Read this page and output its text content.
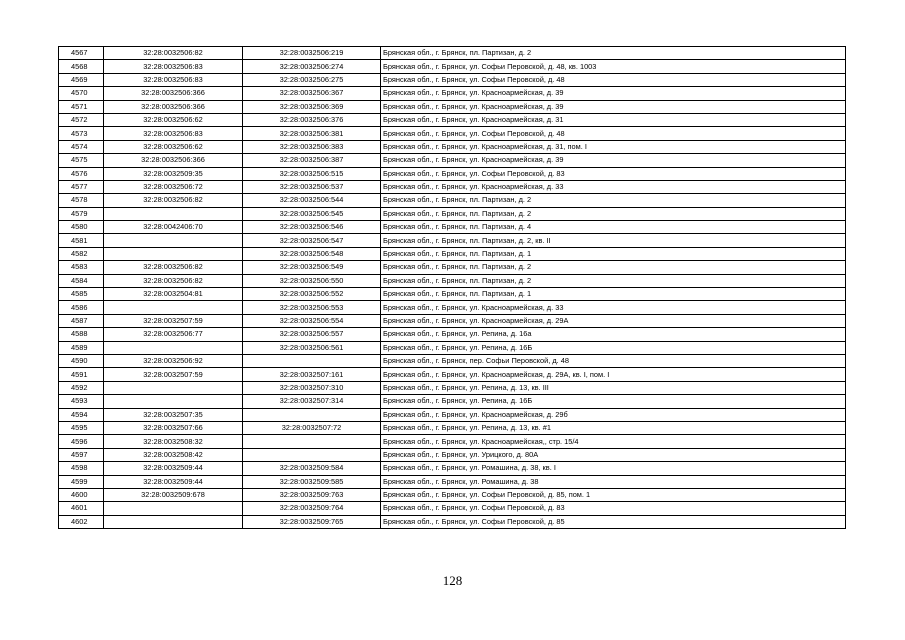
4567	32:28:0032506:82	32:28:0032506:219	Брянская обл., г. Брянск, пл. Партизан, д. 2
4568	32:28:0032506:83	32:28:0032506:274	Брянская обл., г. Брянск, ул. Софьи Перовской, д. 48, кв. 1003
4569	32:28:0032506:83	32:28:0032506:275	Брянская обл., г. Брянск, ул. Софьи Перовской, д. 48
4570	32:28:0032506:366	32:28:0032506:367	Брянская обл., г. Брянск, ул. Красноармейская, д. 39
4571	32:28:0032506:366	32:28:0032506:369	Брянская обл., г. Брянск, ул. Красноармейская, д. 39
4572	32:28:0032506:62	32:28:0032506:376	Брянская обл., г. Брянск, ул. Красноармейская, д. 31
4573	32:28:0032506:83	32:28:0032506:381	Брянская обл., г. Брянск, ул. Софьи Перовской, д. 48
4574	32:28:0032506:62	32:28:0032506:383	Брянская обл., г. Брянск, ул. Красноармейская, д. 31, пом. I
4575	32:28:0032506:366	32:28:0032506:387	Брянская обл., г. Брянск, ул. Красноармейская, д. 39
4576	32:28:0032509:35	32:28:0032506:515	Брянская обл., г. Брянск, ул. Софьи Перовской, д. 83
4577	32:28:0032506:72	32:28:0032506:537	Брянская обл., г. Брянск, ул. Красноармейская, д. 33
4578	32:28:0032506:82	32:28:0032506:544	Брянская обл., г. Брянск, пл. Партизан, д. 2
4579		32:28:0032506:545	Брянская обл., г. Брянск, пл. Партизан, д. 2
4580	32:28:0042406:70	32:28:0032506:546	Брянская обл., г. Брянск, пл. Партизан, д. 4
4581		32:28:0032506:547	Брянская обл., г. Брянск, пл. Партизан, д. 2, кв. II
4582		32:28:0032506:548	Брянская обл., г. Брянск, пл. Партизан, д. 1
4583	32:28:0032506:82	32:28:0032506:549	Брянская обл., г. Брянск, пл. Партизан, д. 2
4584	32:28:0032506:82	32:28:0032506:550	Брянская обл., г. Брянск, пл. Партизан, д. 2
4585	32:28:0032504:81	32:28:0032506:552	Брянская обл., г. Брянск, пл. Партизан, д. 1
4586		32:28:0032506:553	Брянская обл., г. Брянск, ул. Красноармейская, д. 33
4587	32:28:0032507:59	32:28:0032506:554	Брянская обл., г. Брянск, ул. Красноармейская, д. 29А
4588	32:28:0032506:77	32:28:0032506:557	Брянская обл., г. Брянск, ул. Репина, д. 16а
4589		32:28:0032506:561	Брянская обл., г. Брянск, ул. Репина, д. 16Б
4590	32:28:0032506:92		Брянская обл., г. Брянск, пер. Софьи Перовской, д. 48
4591	32:28:0032507:59	32:28:0032507:161	Брянская обл., г. Брянск, ул. Красноармейская, д. 29А, кв. I, пом. I
4592		32:28:0032507:310	Брянская обл., г. Брянск, ул. Репина, д. 13, кв. III
4593		32:28:0032507:314	Брянская обл., г. Брянск, ул. Репина, д. 16Б
4594	32:28:0032507:35		Брянская обл., г. Брянск, ул. Красноармейская, д. 29б
4595	32:28:0032507:66	32:28:0032507:72	Брянская обл., г. Брянск, ул. Репина, д. 13, кв. #1
4596	32:28:0032508:32		Брянская обл., г. Брянск, ул. Красноармейская,, стр. 15/4
4597	32:28:0032508:42		Брянская обл., г. Брянск, ул. Урицкого, д. 80А
4598	32:28:0032509:44	32:28:0032509:584	Брянская обл., г. Брянск, ул. Ромашина, д. 38, кв. I
4599	32:28:0032509:44	32:28:0032509:585	Брянская обл., г. Брянск, ул. Ромашина, д. 38
4600	32:28:0032509:678	32:28:0032509:763	Брянская обл., г. Брянск, ул. Софьи Перовской, д. 85, пом. 1
4601		32:28:0032509:764	Брянская обл., г. Брянск, ул. Софьи Перовской, д. 83
4602		32:28:0032509:765	Брянская обл., г. Брянск, ул. Софьи Перовской, д. 85
128
